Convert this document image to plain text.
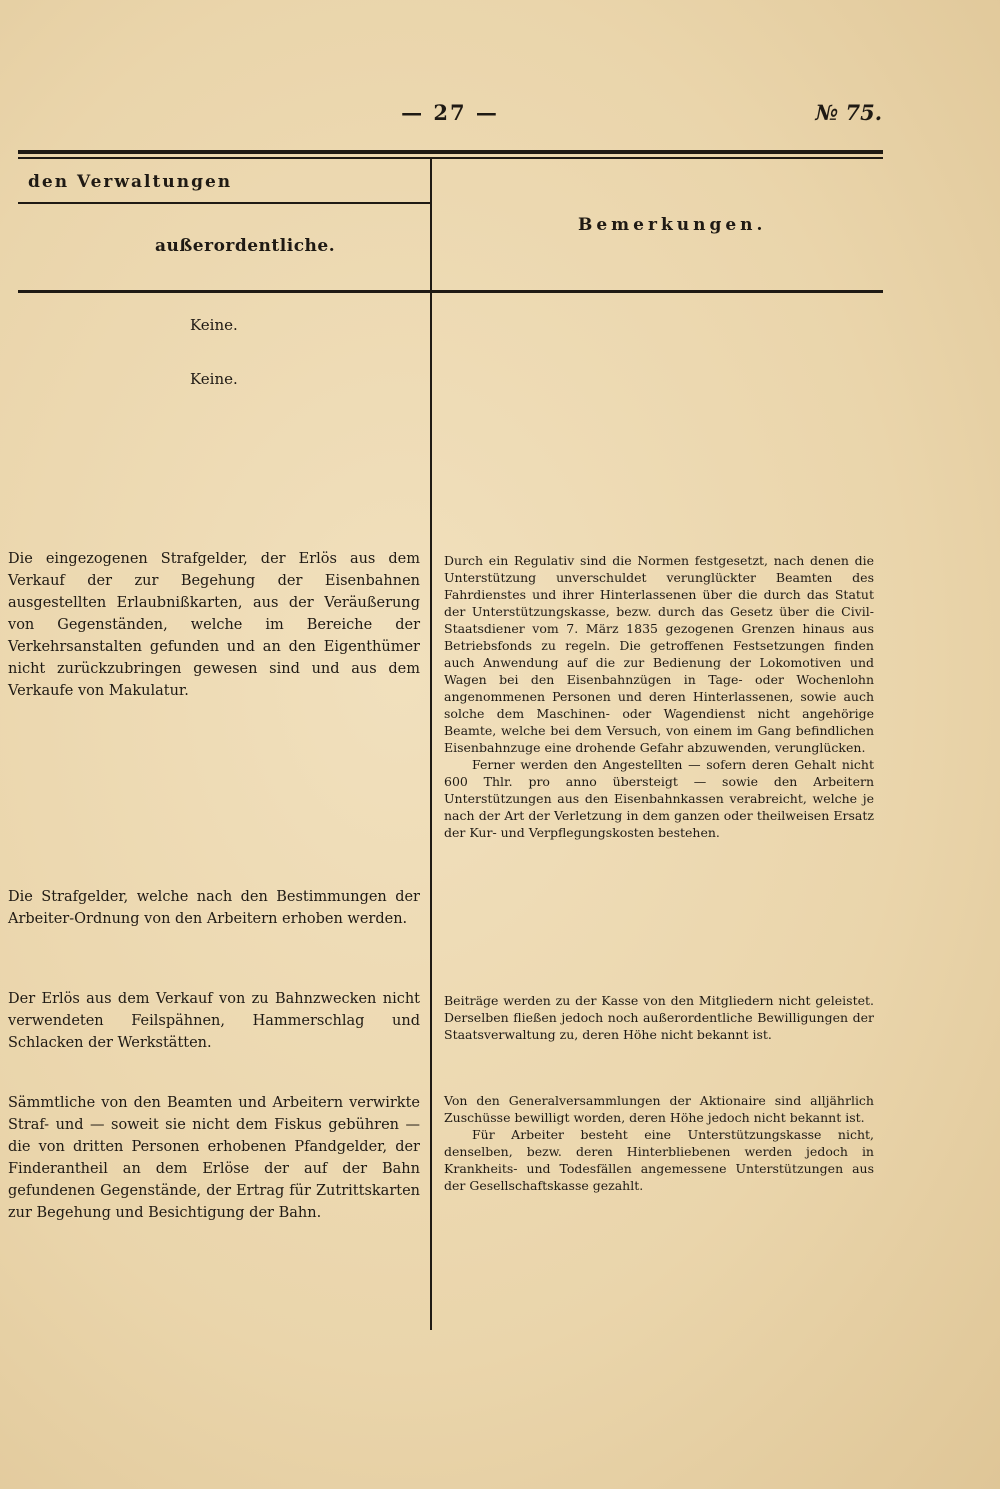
— 27 —	№ 75.
den Verwaltungen
außerordentliche.
Bemerkungen.
Keine.
Keine.
Die eingezogenen Strafgelder, der Erlös aus dem Verkauf der zur Begehung der Eisenbahnen ausgestellten Erlaubnißkarten, aus der Veräußerung von Gegenständen, welche im Bereiche der Verkehrsanstalten gefunden und an den Eigenthümer nicht zurückzubringen gewesen sind und aus dem Verkaufe von Makulatur.

Durch ein Regulativ sind die Normen festgesetzt, nach denen die Unterstützung unverschuldet verunglückter Beamten des Fahrdienstes und ihrer Hinterlassenen über die durch das Statut der Unterstützungskasse, bezw. durch das Gesetz über die Civil-Staatsdiener vom 7. März 1835 gezogenen Grenzen hinaus aus Betriebsfonds zu regeln. Die getroffenen Festsetzungen finden auch Anwendung auf die zur Bedienung der Lokomotiven und Wagen bei den Eisenbahnzügen in Tage- oder Wochenlohn angenommenen Personen und deren Hinterlassenen, sowie auch solche dem Maschinen- oder Wagendienst nicht angehörige Beamte, welche bei dem Versuch, von einem im Gang befindlichen Eisenbahnzuge eine drohende Gefahr abzuwenden, verunglücken.

Ferner werden den Angestellten — sofern deren Gehalt nicht 600 Thlr. pro anno übersteigt — sowie den Arbeitern Unterstützungen aus den Eisenbahnkassen verabreicht, welche je nach der Art der Verletzung in dem ganzen oder theilweisen Ersatz der Kur- und Verpflegungskosten bestehen.

Die Strafgelder, welche nach den Bestimmungen der Arbeiter-Ordnung von den Arbeitern erhoben werden.
Der Erlös aus dem Verkauf von zu Bahnzwecken nicht verwendeten Feilspähnen, Hammerschlag und Schlacken der Werkstätten.
Beiträge werden zu der Kasse von den Mitgliedern nicht geleistet. Derselben fließen jedoch noch außerordentliche Bewilligungen der Staatsverwaltung zu, deren Höhe nicht bekannt ist.
Sämmtliche von den Beamten und Arbeitern verwirkte Straf- und — soweit sie nicht dem Fiskus gebühren — die von dritten Personen erhobenen Pfandgelder, der Finderantheil an dem Erlöse der auf der Bahn gefundenen Gegenstände, der Ertrag für Zutrittskarten zur Begehung und Besichtigung der Bahn.

Von den Generalversammlungen der Aktionaire sind alljährlich Zuschüsse bewilligt worden, deren Höhe jedoch nicht bekannt ist.

Für Arbeiter besteht eine Unterstützungskasse nicht, denselben, bezw. deren Hinterbliebenen werden jedoch in Krankheits- und Todesfällen angemessene Unterstützungen aus der Gesellschaftskasse gezahlt.
